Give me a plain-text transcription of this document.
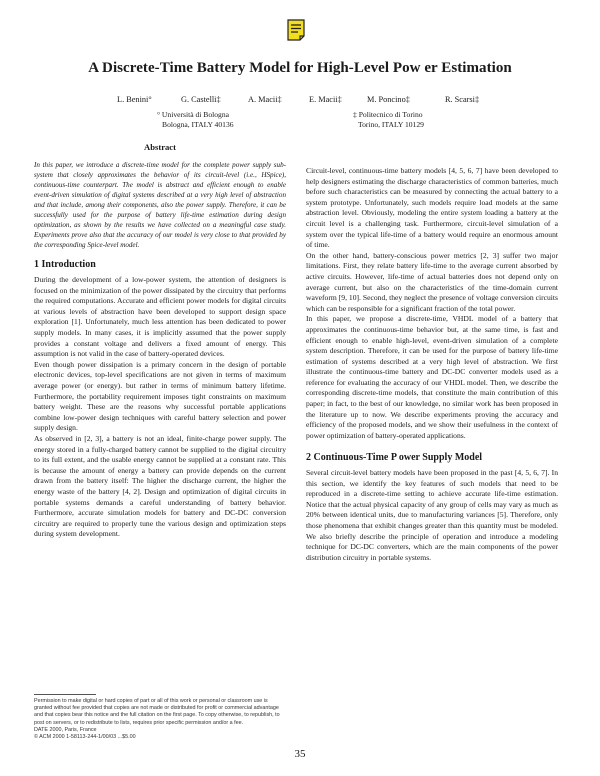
A Discrete-Time Battery Model for High-Level Pow er Estimation
L. Benini°	G. Castelli‡	A. Macii‡	E. Macii‡	M. Poncino‡	R. Scarsi‡
° Università di Bologna
Bologna, ITALY 40136
‡ Politecnico di Torino
Torino, ITALY 10129

Abstract

In this paper, we introduce a discrete-time model for the complete power supply sub-system that closely approximates the behavior of its circuit-level (i.e., HSpice), continuous-time counterpart. The model is abstract and efficient enough to enable event-driven simulation of digital systems described at a very high level of abstraction and that include, among their components, also the power supply. Therefore, it can be successfully used for the purpose of battery life-time estimation during design optimization, as shown by the results we have collected on a meaningful case study. Experiments prove also that the accuracy of our model is very close to that provided by the corresponding Spice-level model.

1 Introduction

During the development of a low-power system, the attention of designers is focused on the minimization of the power dissipated by the circuitry that performs the required computations. Accurate and efficient power models for digital circuits at various levels of abstraction have been developed to support design space exploration [1]. Unfortunately, much less attention has been dedicated to power supply models. In many cases, it is implicitly assumed that the power supply provides a constant voltage and delivers a fixed amount of energy. This assumption is not valid in the case of battery-operated devices.

Even though power dissipation is a primary concern in the design of portable electronic devices, top-level specifications are not given in terms of maximum average power (or energy). but rather in terms of minimum battery lifetime. Furthermore, the portability requirement imposes tight constraints on maximum battery weight. These are the reasons why successful portable applications combine low-power design techniques with careful battery selection and power supply design.

As observed in [2, 3], a battery is not an ideal, finite-charge power supply. The energy stored in a fully-charged battery cannot be supplied to the digital circuitry to its full extent, and the usable energy cannot be supplied at a constant rate. This is because the amount of energy a battery can provide depends on the current drawn from the battery itself: The higher the discharge current, the higher the energy waste of the battery [4, 2]. Design and optimization of digital circuits in portable systems demands a careful understanding of battery behavior. Furthermore, accurate simulation models for battery and DC-DC conversion circuitry are required to properly tune the various design and optimization steps during system development.

Circuit-level, continuous-time battery models [4, 5, 6, 7] have been developed to help designers estimating the discharge characteristics of common batteries, much before such characteristics can be measured by connecting the actual battery to a system prototype. Unfortunately, such models require load models at the same abstraction level. Obviously, modeling the entire system loading a battery at the circuit level is a challenging task. Furthermore, circuit-level simulation of a system over the typical life-time of a battery would require an enormous amount of time.

On the other hand, battery-conscious power metrics [2, 3] suffer two major limitations. First, they relate battery life-time to the average current absorbed by active circuits. However, life-time of actual batteries does not depend only on average current, but also on the characteristics of the time-domain current waveform [9, 10]. Second, they neglect the presence of voltage conversion circuits which can be responsible for a significant fraction of the total power.

In this paper, we propose a discrete-time, VHDL model of a battery that approximates the continuous-time behavior but, at the same time, is fast and efficient enough to enable high-level, event-driven simulation of a complete system description. Therefore, it can be used for the purpose of battery life-time estimation of systems described at a very high level of abstraction. We first illustrate the continuous-time battery and DC-DC converter models used as a reference for evaluating the accuracy of our VHDL model. Then, we describe the corresponding discrete-time models, that constitute the main contribution of this paper; in fact, to the best of our knowledge, no similar work has been proposed in the literature up to now. We describe experiments proving the accuracy and efficiency of the proposed models, and we show their usefulness in the context of power optimization of battery-operated applications.

2 Continuous-Time P ower Supply Model

Several circuit-level battery models have been proposed in the past [4, 5, 6, 7]. In this section, we identify the key features of such models that need to be reproduced in a discrete-time setting to achieve accurate life-time estimation. Notice that the actual physical capacity of any group of cells may vary as much as 20% between identical units, due to manufacturing variances [5]. Therefore, only those phenomena that exhibit changes greater than this quantity must be modeled. We also briefly describe the principle of operation and introduce a modeling technique for DC-DC converters, which are the main components of the power distribution circuitry in portable systems.

Permission to make digital or hard copies of part or all of this work or personal or classroom use is granted without fee provided that copies are not made or distributed for profit or commercial advantage and that copies bear this notice and the full citation on the first page. To copy otherwise, to republish, to post on servers, or to redistribute to lists, requires prior specific permission and/or a fee.
DATE 2000, Paris, France
© ACM 2000 1-58113-244-1/00/03 ...$5.00
35
